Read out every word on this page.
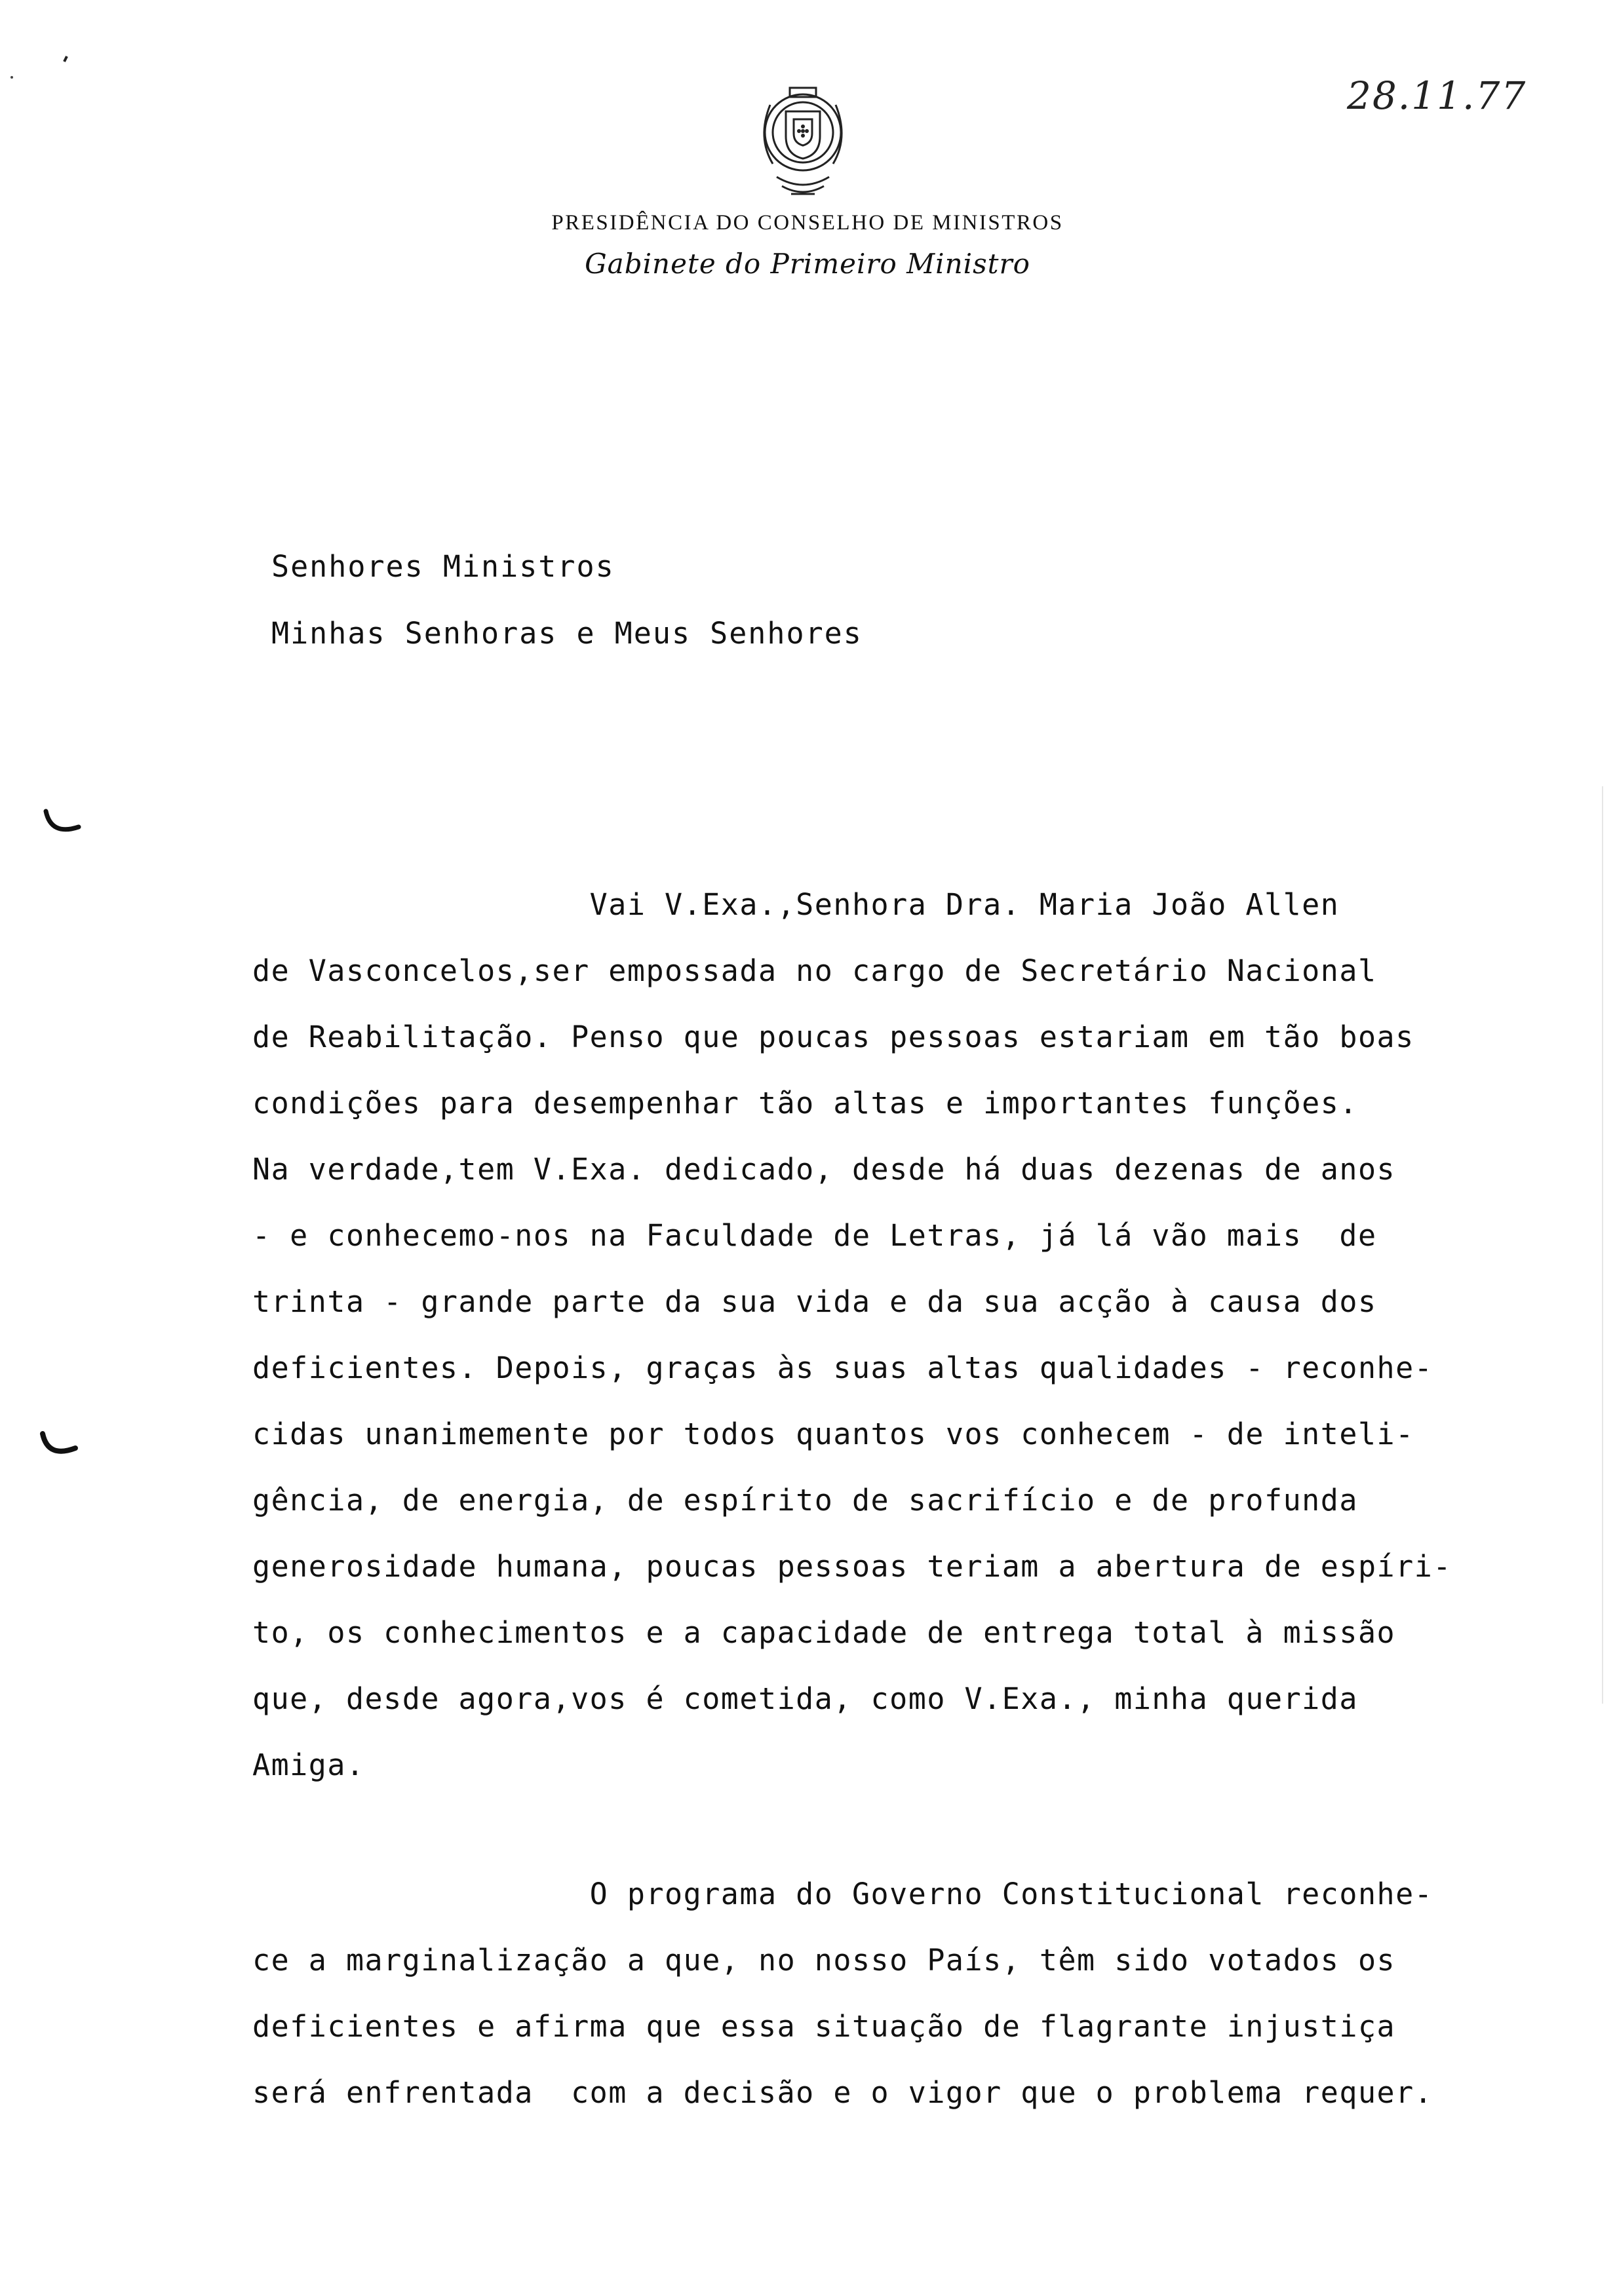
28.11.77
PRESIDÊNCIA DO CONSELHO DE MINISTROS
Gabinete do Primeiro Ministro
Senhores Ministros
Minhas Senhoras e Meus Senhores
Vai V.Exa.,Senhora Dra. Maria João Allen
de Vasconcelos,ser empossada no cargo de Secretário Nacional
de Reabilitação. Penso que poucas pessoas estariam em tão boas
condições para desempenhar tão altas e importantes funções.
Na verdade,tem V.Exa. dedicado, desde há duas dezenas de anos
- e conhecemo-nos na Faculdade de Letras, já lá vão mais  de
trinta - grande parte da sua vida e da sua acção à causa dos
deficientes. Depois, graças às suas altas qualidades - reconhe-
cidas unanimemente por todos quantos vos conhecem - de inteli-
gência, de energia, de espírito de sacrifício e de profunda
generosidade humana, poucas pessoas teriam a abertura de espíri-
to, os conhecimentos e a capacidade de entrega total à missão
que, desde agora,vos é cometida, como V.Exa., minha querida
Amiga.
O programa do Governo Constitucional reconhe-
ce a marginalização a que, no nosso País, têm sido votados os
deficientes e afirma que essa situação de flagrante injustiça
será enfrentada  com a decisão e o vigor que o problema requer.
